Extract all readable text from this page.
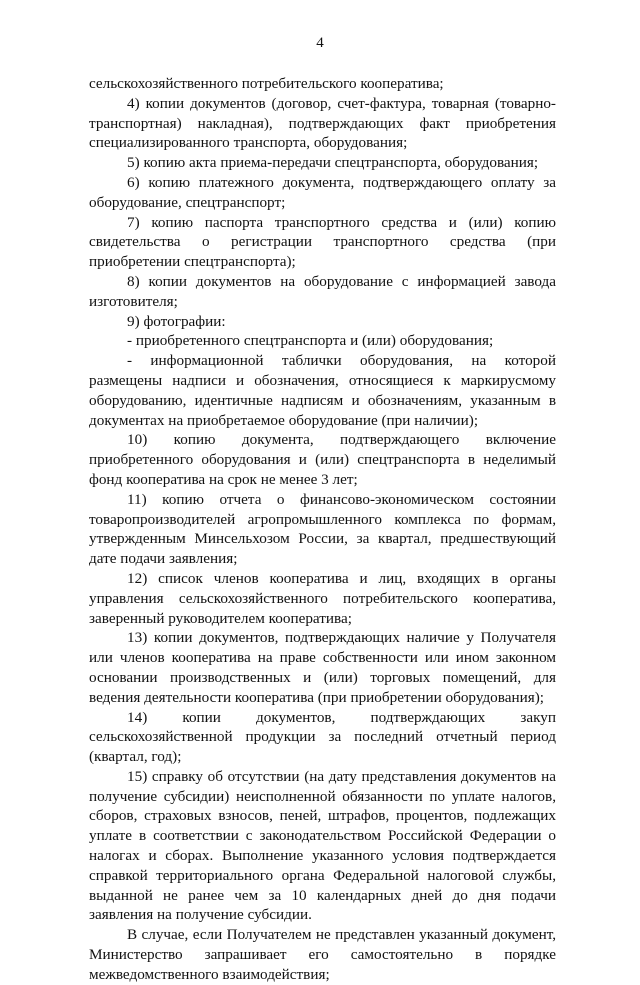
4

сельскохозяйственного потребительского кооператива;

4) копии документов (договор, счет-фактура, товарная (товарно-транспортная) накладная), подтверждающих факт приобретения специализированного транспорта, оборудования;

5) копию акта приема-передачи спецтранспорта, оборудования;

6) копию платежного документа, подтверждающего оплату за оборудование, спецтранспорт;

7) копию паспорта транспортного средства и (или) копию свидетельства о регистрации транспортного средства (при приобретении спецтранспорта);

8) копии документов на оборудование с информацией завода изготовителя;

9) фотографии:

- приобретенного спецтранспорта и (или) оборудования;

- информационной таблички оборудования, на которой размещены надписи и обозначения, относящиеся к маркирусмому оборудованию, идентичные надписям и обозначениям, указанным в документах на приобретаемое оборудование (при наличии);

10) копию документа, подтверждающего включение приобретенного оборудования и (или) спецтранспорта в неделимый фонд кооператива на срок не менее 3 лет;

11) копию отчета о финансово-экономическом состоянии товаропроизводителей агропромышленного комплекса по формам, утвержденным Минсельхозом России, за квартал, предшествующий дате подачи заявления;

12) список членов кооператива и лиц, входящих в органы управления сельскохозяйственного потребительского кооператива, заверенный руководителем кооператива;

13) копии документов, подтверждающих наличие у Получателя или членов кооператива на праве собственности или ином законном основании производственных и (или) торговых помещений, для ведения деятельности кооператива (при приобретении оборудования);

14) копии документов, подтверждающих закуп сельскохозяйственной продукции за последний отчетный период (квартал, год);

15) справку об отсутствии (на дату представления документов на получение субсидии) неисполненной обязанности по уплате налогов, сборов, страховых взносов, пеней, штрафов, процентов, подлежащих уплате в соответствии с законодательством Российской Федерации о налогах и сборах. Выполнение указанного условия подтверждается справкой территориального органа Федеральной налоговой службы, выданной не ранее чем за 10 календарных дней до дня подачи заявления на получение субсидии.

В случае, если Получателем не представлен указанный документ, Министерство запрашивает его самостоятельно в порядке межведомственного взаимодействия;
